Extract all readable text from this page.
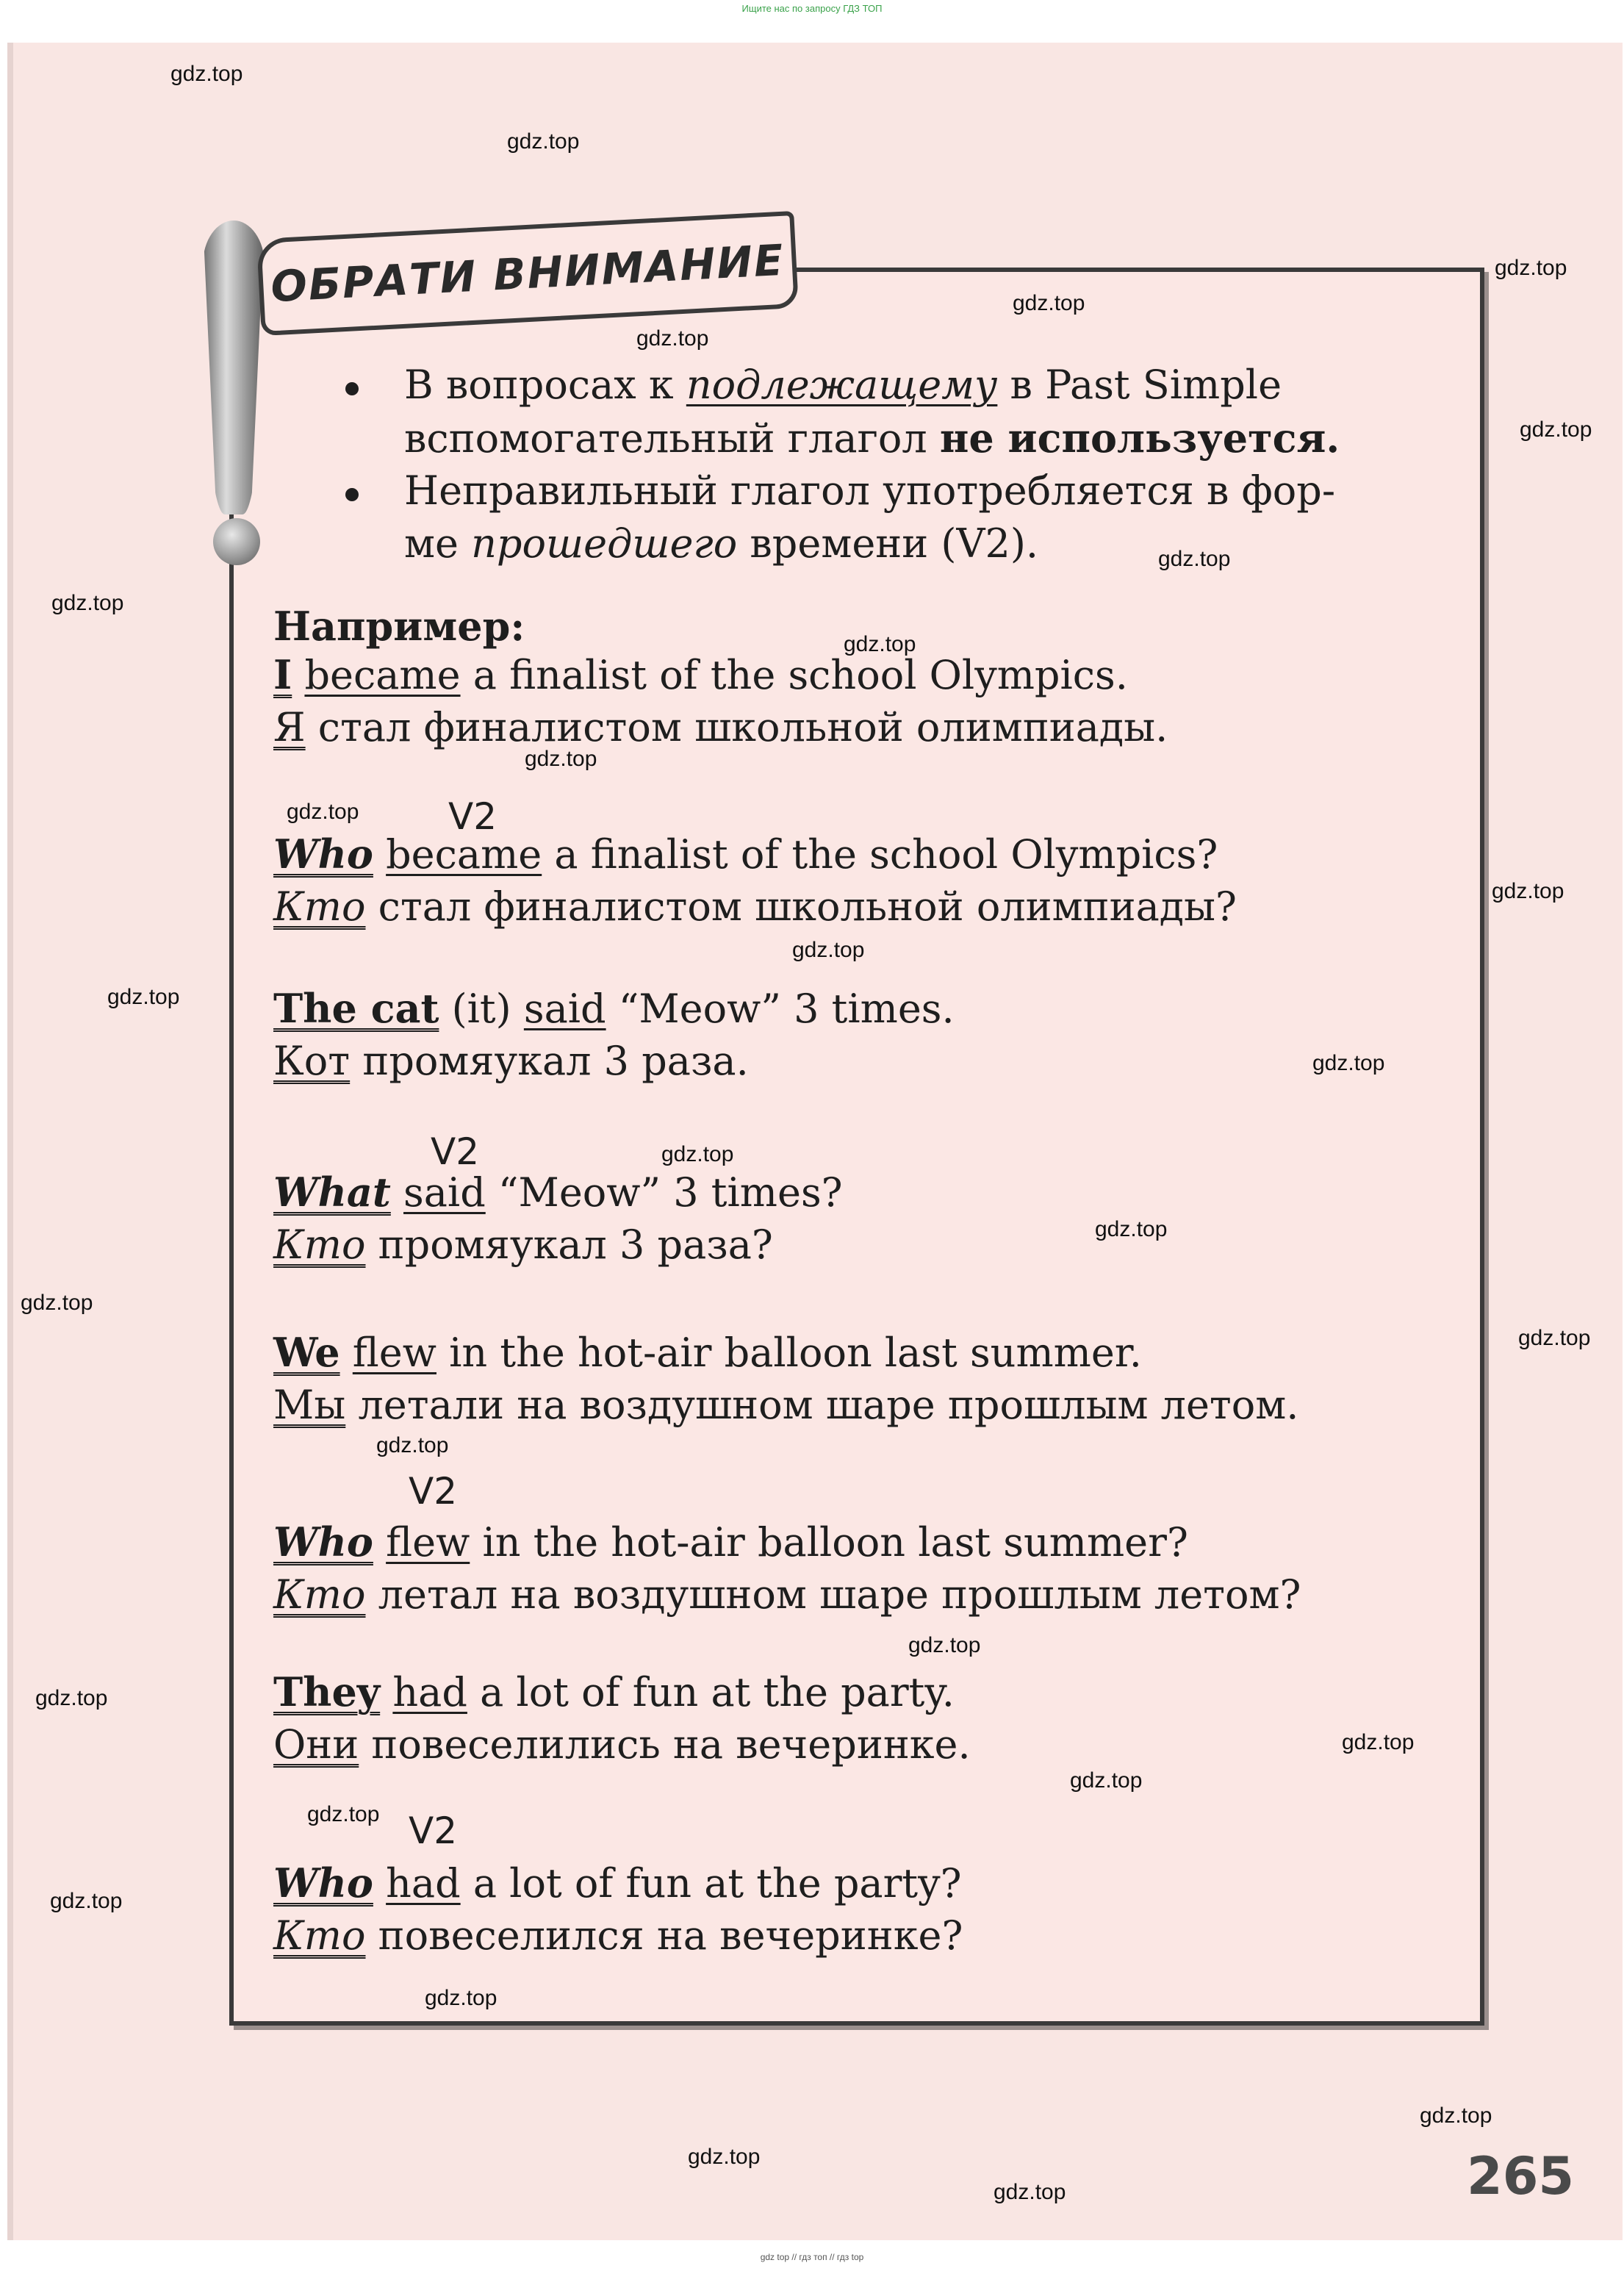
Ищите нас по запросу ГДЗ ТОП
ОБРАТИ ВНИМАНИЕ
В вопросах к подлежащему в Past Simple
вспомогательный глагол не используется.
Неправильный глагол употребляется в фор-
ме прошедшего времени (V2).
Например:
I became a finalist of the school Olympics.
Я стал финалистом школьной олимпиады.
V2
Who became a finalist of the school Olympics?
Кто стал финалистом школьной олимпиады?
The cat (it) said “Meow” 3 times.
Кот промяукал 3 раза.
V2
What said “Meow” 3 times?
Кто промяукал 3 раза?
We flew in the hot-air balloon last summer.
Мы летали на воздушном шаре прошлым летом.
V2
Who flew in the hot-air balloon last summer?
Кто летал на воздушном шаре прошлым летом?
They had a lot of fun at the party.
Они повеселились на вечеринке.
V2
Who had a lot of fun at the party?
Кто повеселился на вечеринке?
265
gdz.top
gdz.top
gdz.top
gdz.top
gdz.top
gdz.top
gdz.top
gdz.top
gdz.top
gdz.top
gdz.top
gdz.top
gdz.top
gdz.top
gdz.top
gdz.top
gdz.top
gdz.top
gdz.top
gdz.top
gdz.top
gdz.top
gdz.top
gdz.top
gdz.top
gdz.top
gdz.top
gdz.top
gdz.top
gdz.top
gdz top // гдз топ // гдз top
